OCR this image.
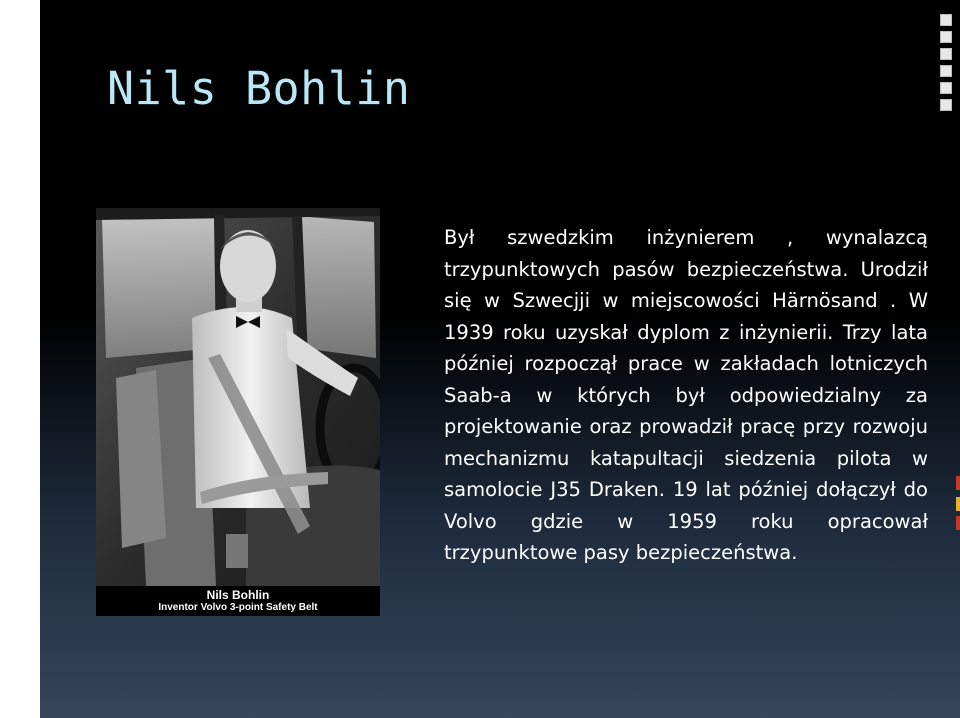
Nils Bohlin
Nils Bohlin
Inventor Volvo 3-point Safety Belt

Był szwedzkim inżynierem , wynalazcą trzypunktowych pasów bezpieczeństwa. Urodził się w Szwecjji w miejscowości Härnösand . W 1939 roku uzyskał dyplom z inżynierii. Trzy lata później rozpoczął prace w zakładach lotniczych Saab-a w których był odpowiedzialny za projektowanie oraz prowadził pracę przy rozwoju mechanizmu katapultacji siedzenia pilota w samolocie J35 Draken. 19 lat później dołączył do Volvo gdzie w 1959 roku opracował trzypunktowe pasy bezpieczeństwa.
